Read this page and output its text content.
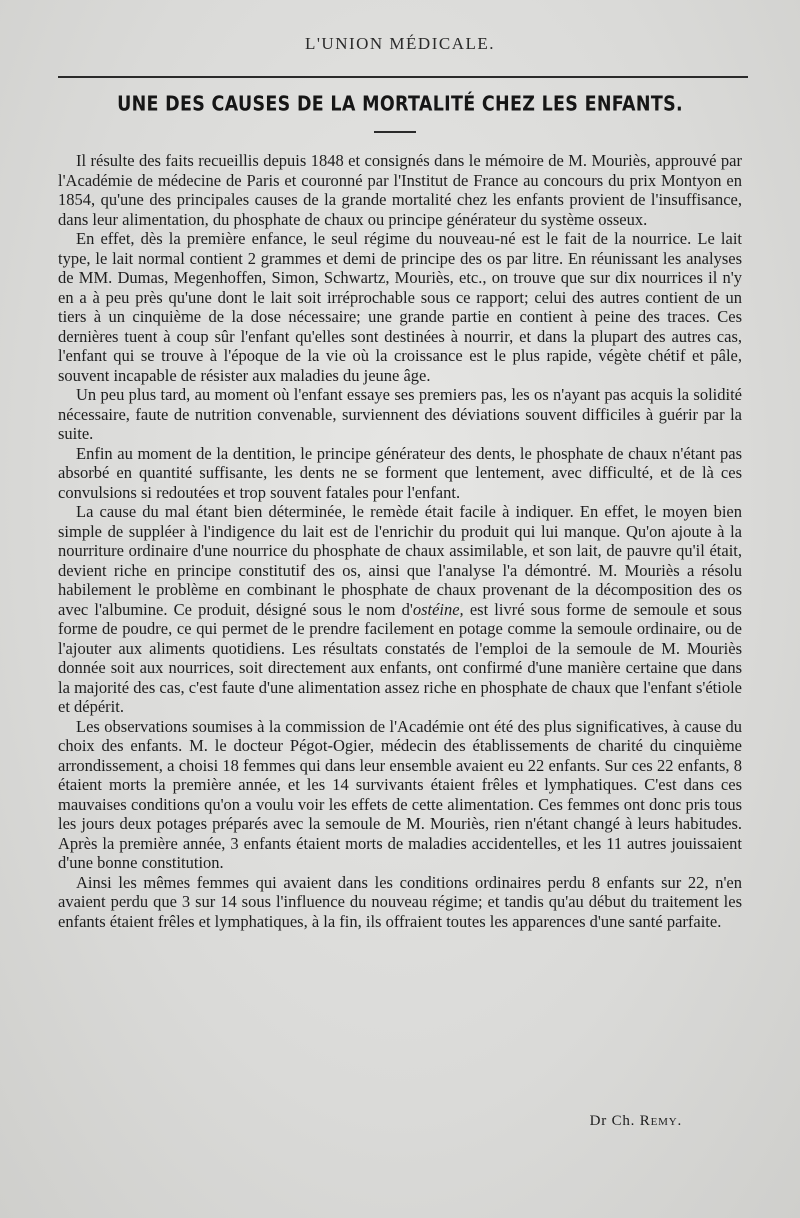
L'UNION MÉDICALE.
UNE DES CAUSES DE LA MORTALITÉ CHEZ LES ENFANTS.

Il résulte des faits recueillis depuis 1848 et consignés dans le mémoire de M. Mouriès, approuvé par l'Académie de médecine de Paris et couronné par l'Institut de France au concours du prix Montyon en 1854, qu'une des principales causes de la grande mortalité chez les enfants provient de l'insuffisance, dans leur alimentation, du phosphate de chaux ou principe générateur du système osseux.

En effet, dès la première enfance, le seul régime du nouveau-né est le fait de la nourrice. Le lait type, le lait normal contient 2 grammes et demi de principe des os par litre. En réunissant les analyses de MM. Dumas, Megenhoffen, Simon, Schwartz, Mouriès, etc., on trouve que sur dix nourrices il n'y en a à peu près qu'une dont le lait soit irréprochable sous ce rapport; celui des autres contient de un tiers à un cinquième de la dose nécessaire; une grande partie en contient à peine des traces. Ces dernières tuent à coup sûr l'enfant qu'elles sont destinées à nourrir, et dans la plupart des autres cas, l'enfant qui se trouve à l'époque de la vie où la croissance est le plus rapide, végète chétif et pâle, souvent incapable de résister aux maladies du jeune âge.

Un peu plus tard, au moment où l'enfant essaye ses premiers pas, les os n'ayant pas acquis la solidité nécessaire, faute de nutrition convenable, surviennent des déviations souvent difficiles à guérir par la suite.

Enfin au moment de la dentition, le principe générateur des dents, le phosphate de chaux n'étant pas absorbé en quantité suffisante, les dents ne se forment que lentement, avec difficulté, et de là ces convulsions si redoutées et trop souvent fatales pour l'enfant.

La cause du mal étant bien déterminée, le remède était facile à indiquer. En effet, le moyen bien simple de suppléer à l'indigence du lait est de l'enrichir du produit qui lui manque. Qu'on ajoute à la nourriture ordinaire d'une nourrice du phosphate de chaux assimilable, et son lait, de pauvre qu'il était, devient riche en principe constitutif des os, ainsi que l'analyse l'a démontré. M. Mouriès a résolu habilement le problème en combinant le phosphate de chaux provenant de la décomposition des os avec l'albumine. Ce produit, désigné sous le nom d'ostéine, est livré sous forme de semoule et sous forme de poudre, ce qui permet de le prendre facilement en potage comme la semoule ordinaire, ou de l'ajouter aux aliments quotidiens. Les résultats constatés de l'emploi de la semoule de M. Mouriès donnée soit aux nourrices, soit directement aux enfants, ont confirmé d'une manière certaine que dans la majorité des cas, c'est faute d'une alimentation assez riche en phosphate de chaux que l'enfant s'étiole et dépérit.

Les observations soumises à la commission de l'Académie ont été des plus significatives, à cause du choix des enfants. M. le docteur Pégot-Ogier, médecin des établissements de charité du cinquième arrondissement, a choisi 18 femmes qui dans leur ensemble avaient eu 22 enfants. Sur ces 22 enfants, 8 étaient morts la première année, et les 14 survivants étaient frêles et lymphatiques. C'est dans ces mauvaises conditions qu'on a voulu voir les effets de cette alimentation. Ces femmes ont donc pris tous les jours deux potages préparés avec la semoule de M. Mouriès, rien n'étant changé à leurs habitudes. Après la première année, 3 enfants étaient morts de maladies accidentelles, et les 11 autres jouissaient d'une bonne constitution.

Ainsi les mêmes femmes qui avaient dans les conditions ordinaires perdu 8 enfants sur 22, n'en avaient perdu que 3 sur 14 sous l'influence du nouveau régime; et tandis qu'au début du traitement les enfants étaient frêles et lymphatiques, à la fin, ils offraient toutes les apparences d'une santé parfaite.

Dr Ch. Remy.
